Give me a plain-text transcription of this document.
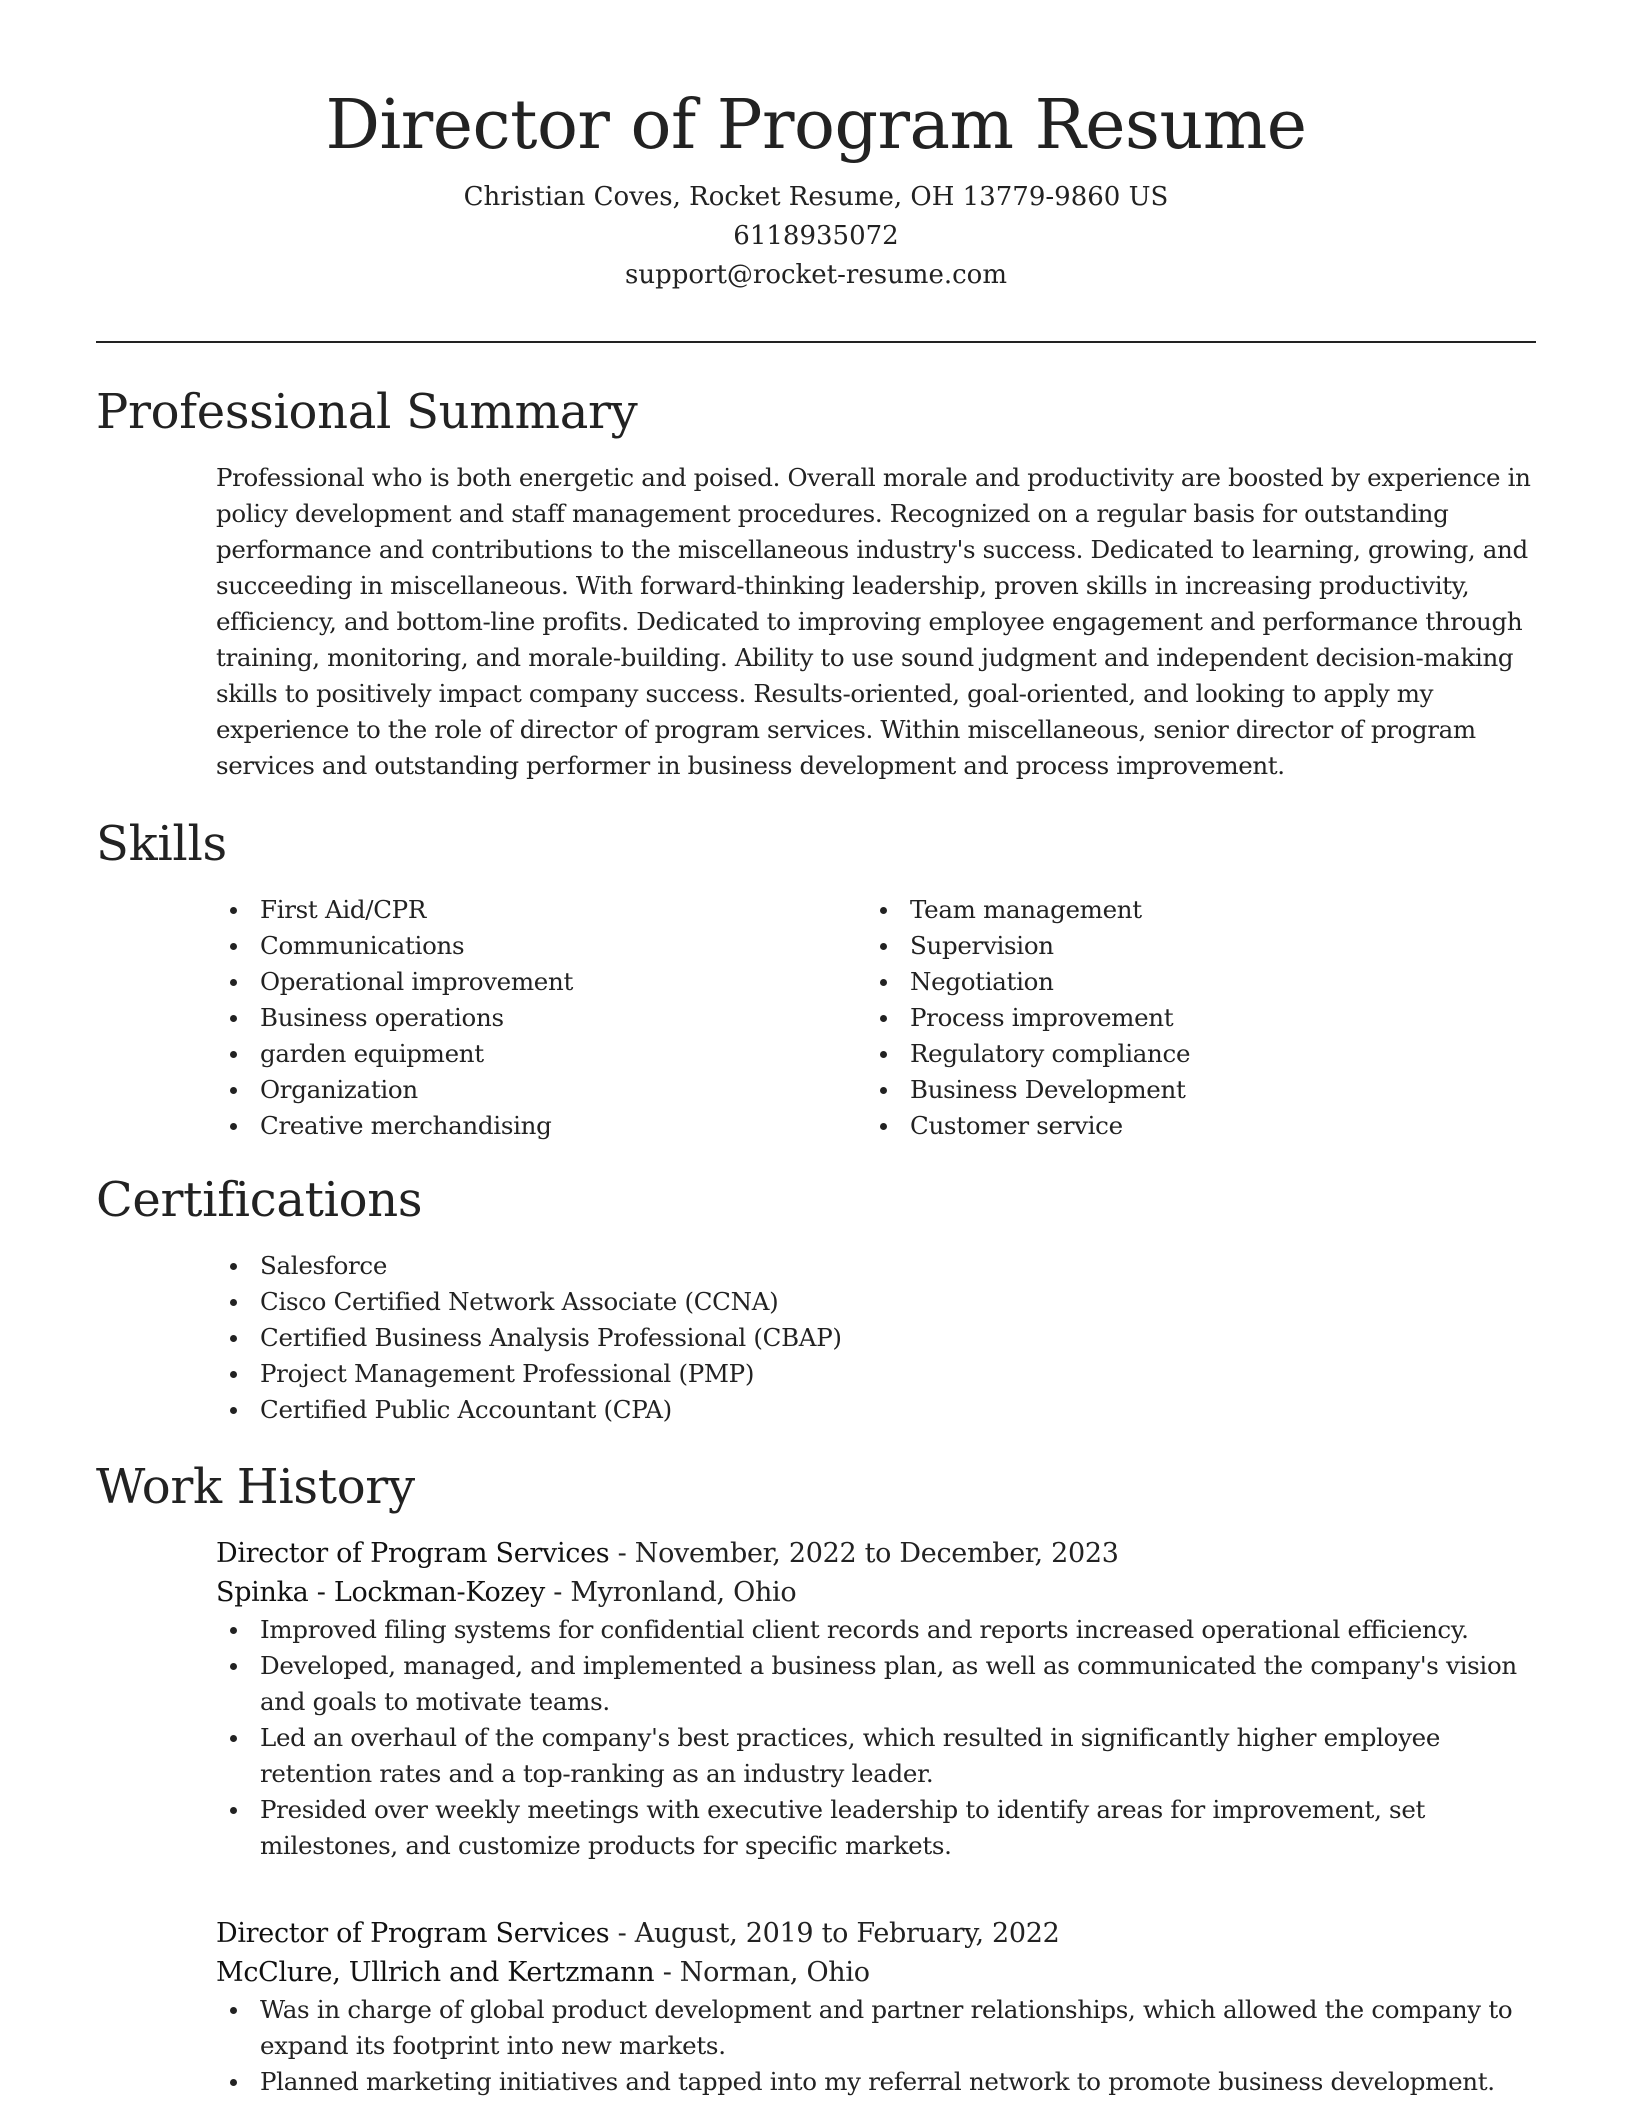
Director of Program Resume
Christian Coves, Rocket Resume, OH 13779-9860 US
6118935072
support@rocket-resume.com
Professional Summary

Professional who is both energetic and poised. Overall morale and productivity are boosted by experience in policy development and staff management procedures. Recognized on a regular basis for outstanding performance and contributions to the miscellaneous industry's success. Dedicated to learning, growing, and succeeding in miscellaneous. With forward-thinking leadership, proven skills in increasing productivity, efficiency, and bottom-line profits. Dedicated to improving employee engagement and performance through training, monitoring, and morale-building. Ability to use sound judgment and independent decision-making skills to positively impact company success. Results-oriented, goal-oriented, and looking to apply my experience to the role of director of program services. Within miscellaneous, senior director of program services and outstanding performer in business development and process improvement.

Skills
First Aid/CPR
Communications
Operational improvement
Business operations
garden equipment
Organization
Creative merchandising
Team management
Supervision
Negotiation
Process improvement
Regulatory compliance
Business Development
Customer service
Certifications
Salesforce
Cisco Certified Network Associate (CCNA)
Certified Business Analysis Professional (CBAP)
Project Management Professional (PMP)
Certified Public Accountant (CPA)
Work History
Director of Program Services - November, 2022 to December, 2023
Spinka - Lockman-Kozey - Myronland, Ohio
Improved filing systems for confidential client records and reports increased operational efficiency.
Developed, managed, and implemented a business plan, as well as communicated the company's vision and goals to motivate teams.
Led an overhaul of the company's best practices, which resulted in significantly higher employee retention rates and a top-ranking as an industry leader.
Presided over weekly meetings with executive leadership to identify areas for improvement, set milestones, and customize products for specific markets.
Director of Program Services - August, 2019 to February, 2022
McClure, Ullrich and Kertzmann - Norman, Ohio
Was in charge of global product development and partner relationships, which allowed the company to expand its footprint into new markets.
Planned marketing initiatives and tapped into my referral network to promote business development.
